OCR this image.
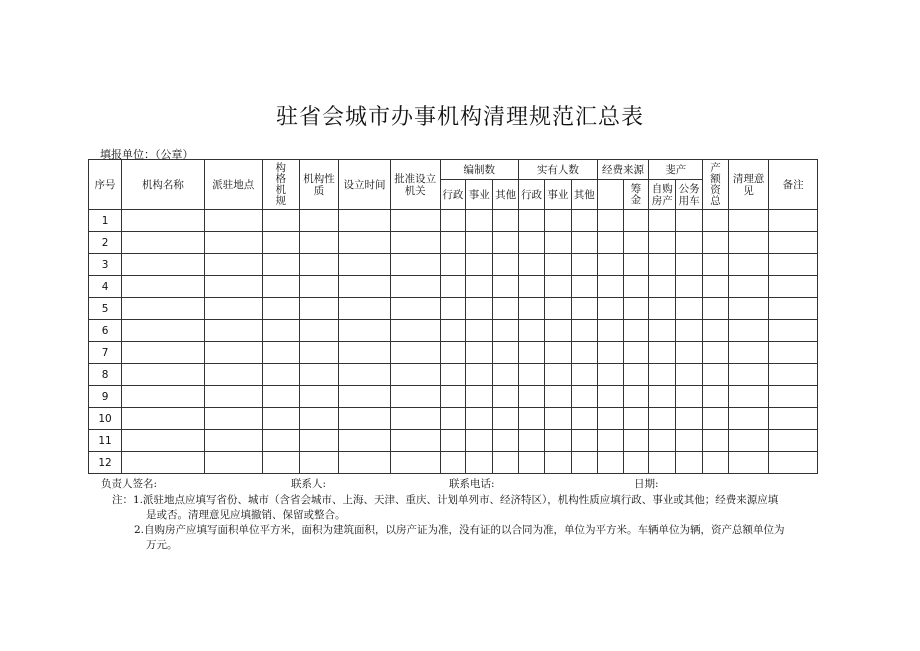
驻省会城市办事机构清理规范汇总表
填报单位：（公章）
序号	机构名称	派驻地点	构格机规	机构性质	设立时间	批准设立机关	编制数			实有人数			经费来源		斐产		产额资总	清理意见	备注
							行政	事业	其他	行政	事业	其他		筹金	自购房产	公务用车			
1																			
2																			
3																			
4																			
5																			
6																			
7																			
8																			
9																			
10																			
11																			
12																			
负责人签名:	联系人:	联系电话:	日期:
注：1.派驻地点应填写省份、城市（含省会城市、上海、天津、重庆、计划单列市、经济特区），机构性质应填行政、事业或其他；经费来源应填
是或否。清理意见应填撤销、保留或整合。
2.自购房产应填写面积单位平方米，面积为建筑面积，以房产证为准，没有证的以合同为准，单位为平方米。车辆单位为辆，资产总额单位为
万元。
